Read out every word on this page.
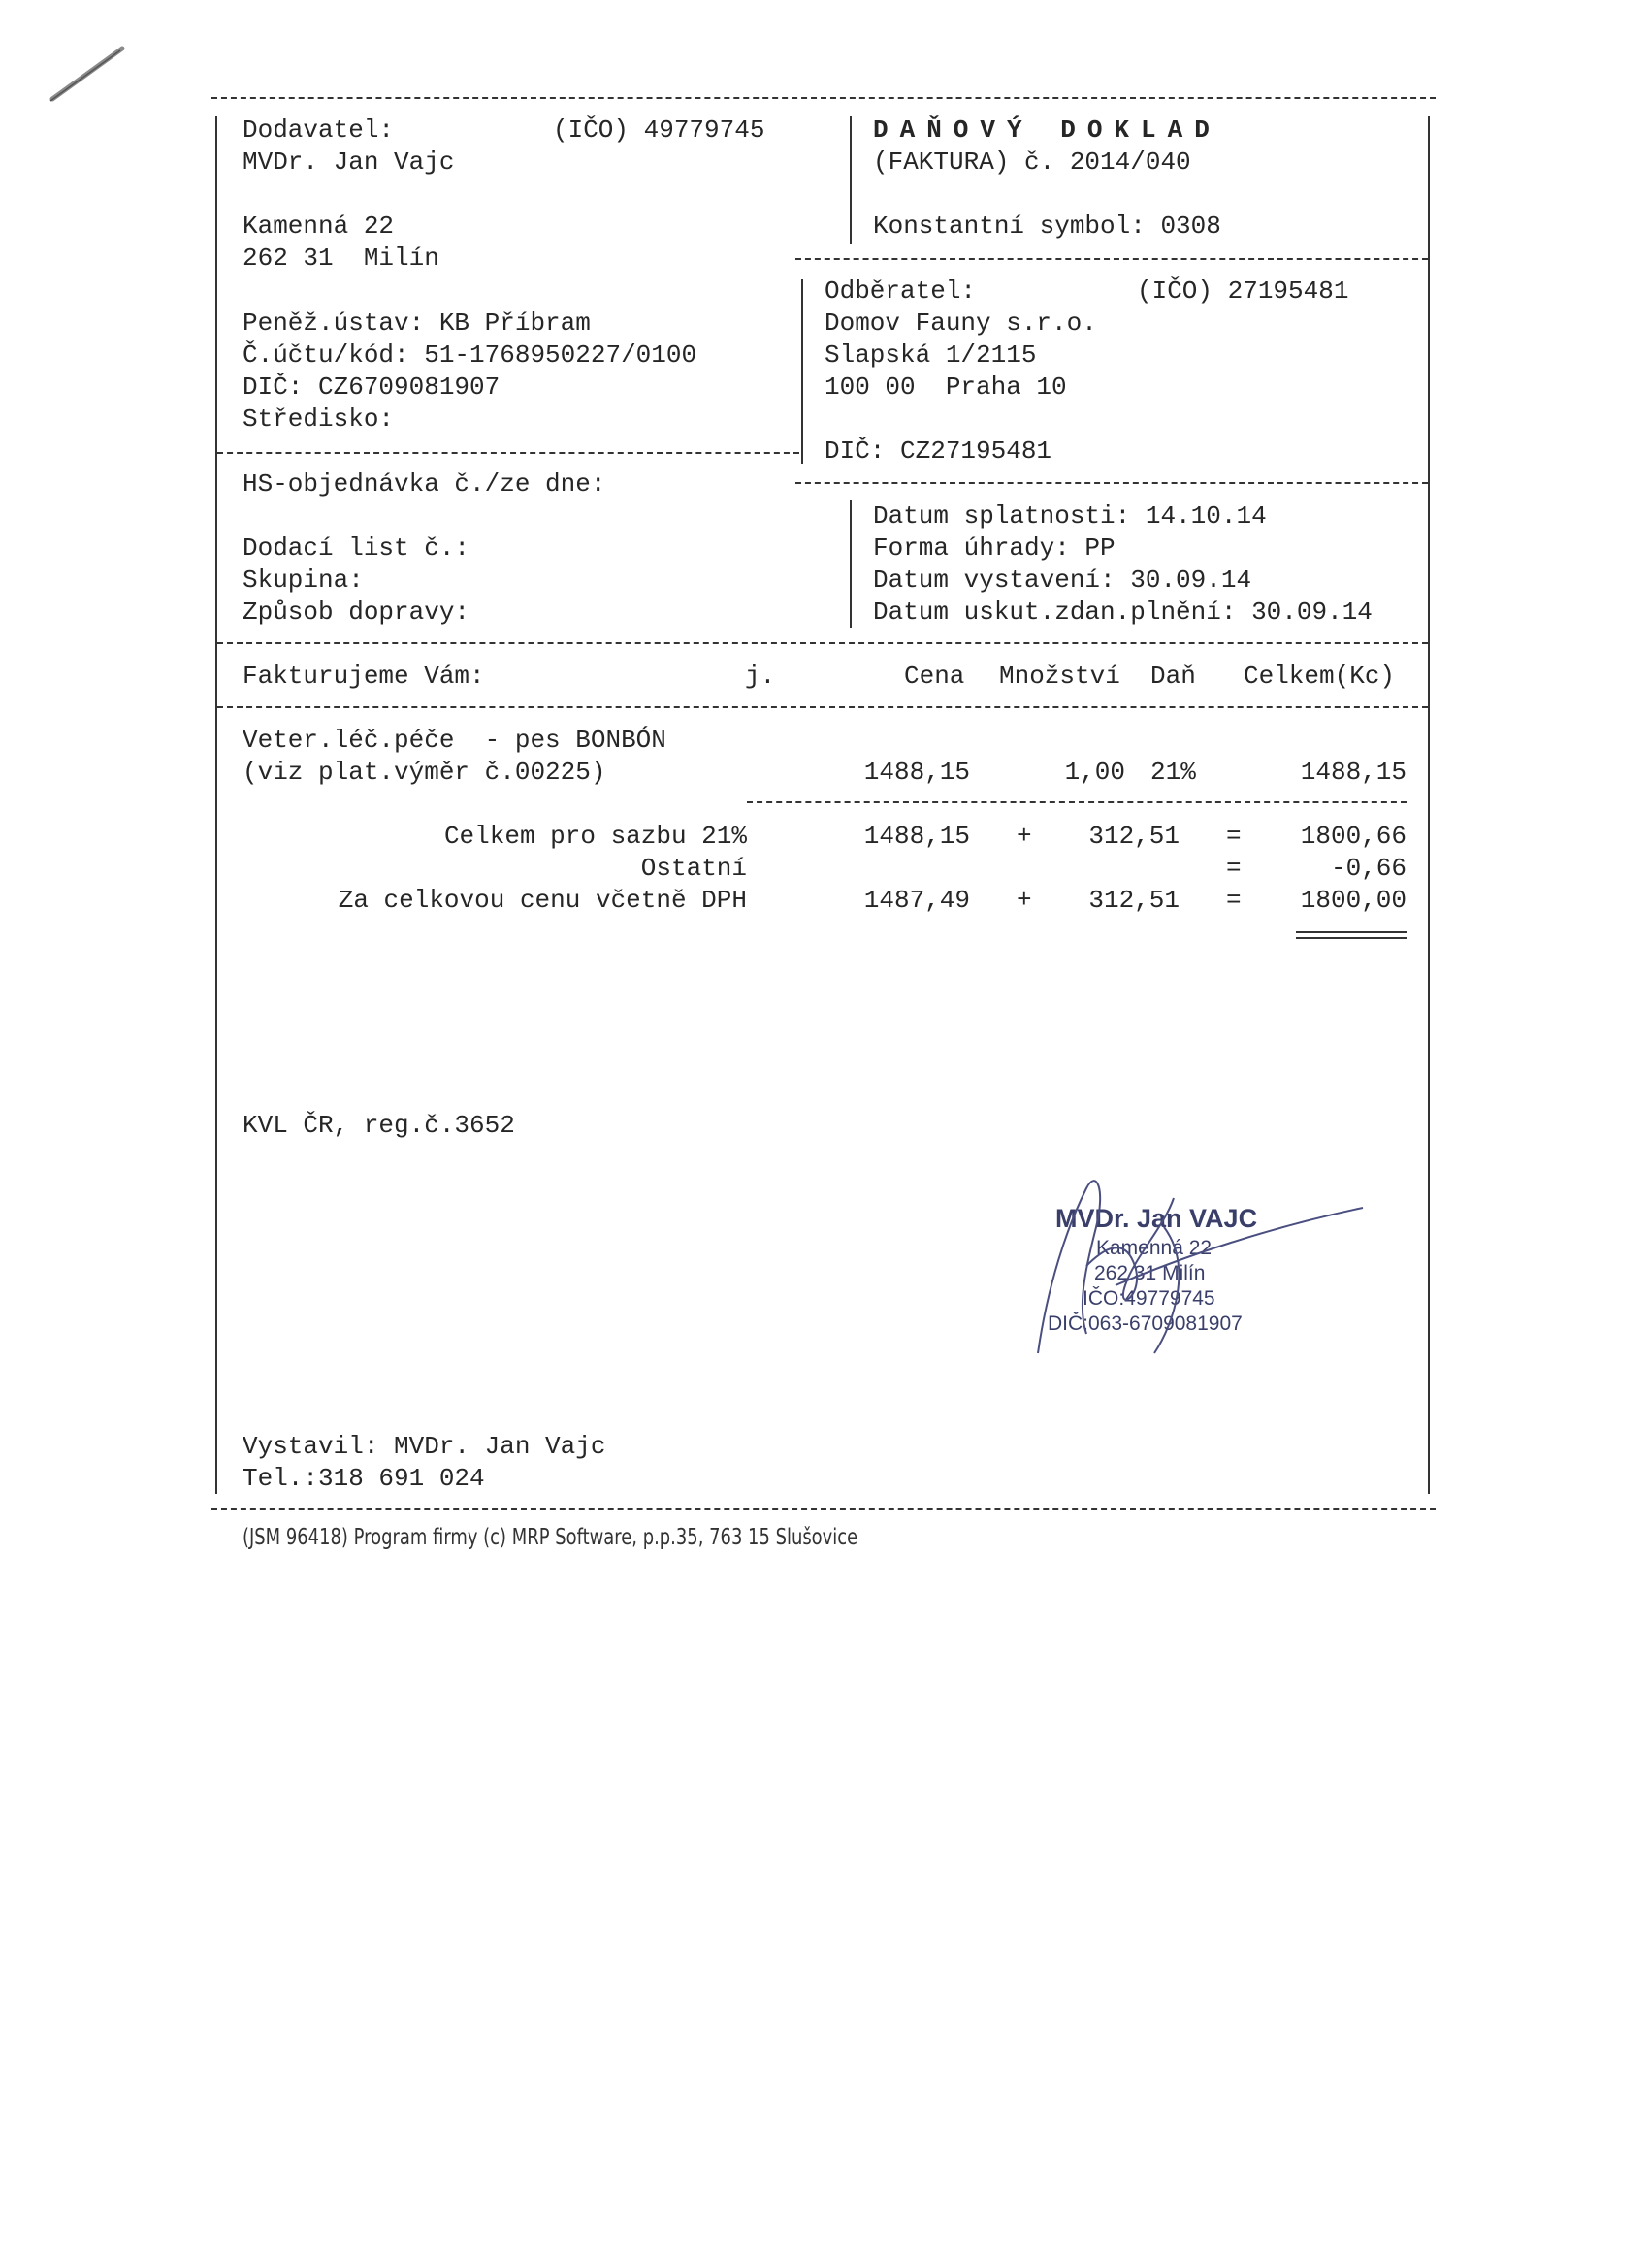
Dodavatel:	(IČO) 49779745
MVDr. Jan Vajc
Kamenná 22
262 31  Milín
Peněž.ústav: KB Příbram
Č.účtu/kód: 51-1768950227/0100
DIČ: CZ6709081907
Středisko:
DAŇOVÝ DOKLAD
(FAKTURA) č. 2014/040
Konstantní symbol: 0308
Odběratel:	(IČO) 27195481
Domov Fauny s.r.o.
Slapská 1/2115
100 00  Praha 10
DIČ: CZ27195481
HS-objednávka č./ze dne:
Dodací list č.:
Skupina:
Způsob dopravy:
Datum splatnosti: 14.10.14
Forma úhrady: PP
Datum vystavení: 30.09.14
Datum uskut.zdan.plnění: 30.09.14
Fakturujeme Vám:	j.	Cena Množství Daň Celkem(Kc)
Veter.léč.péče  - pes BONBÓN
(viz plat.výměr č.00225)	1488,15	1,00 21%	1488,15
Celkem pro sazbu 21%	1488,15 +	312,51 =	1800,66
Ostatní	=	-0,66
Za celkovou cenu včetně DPH	1487,49 +	312,51 =	1800,00
KVL ČR, reg.č.3652
Vystavil: MVDr. Jan Vajc
Tel.:318 691 024
MVDr. Jan VAJC
Kamenná 22
262 31 Milín
IČO:49779745
DIČ:063-6709081907
(JSM 96418) Program firmy (c) MRP Software, p.p.35, 763 15 Slušovice
